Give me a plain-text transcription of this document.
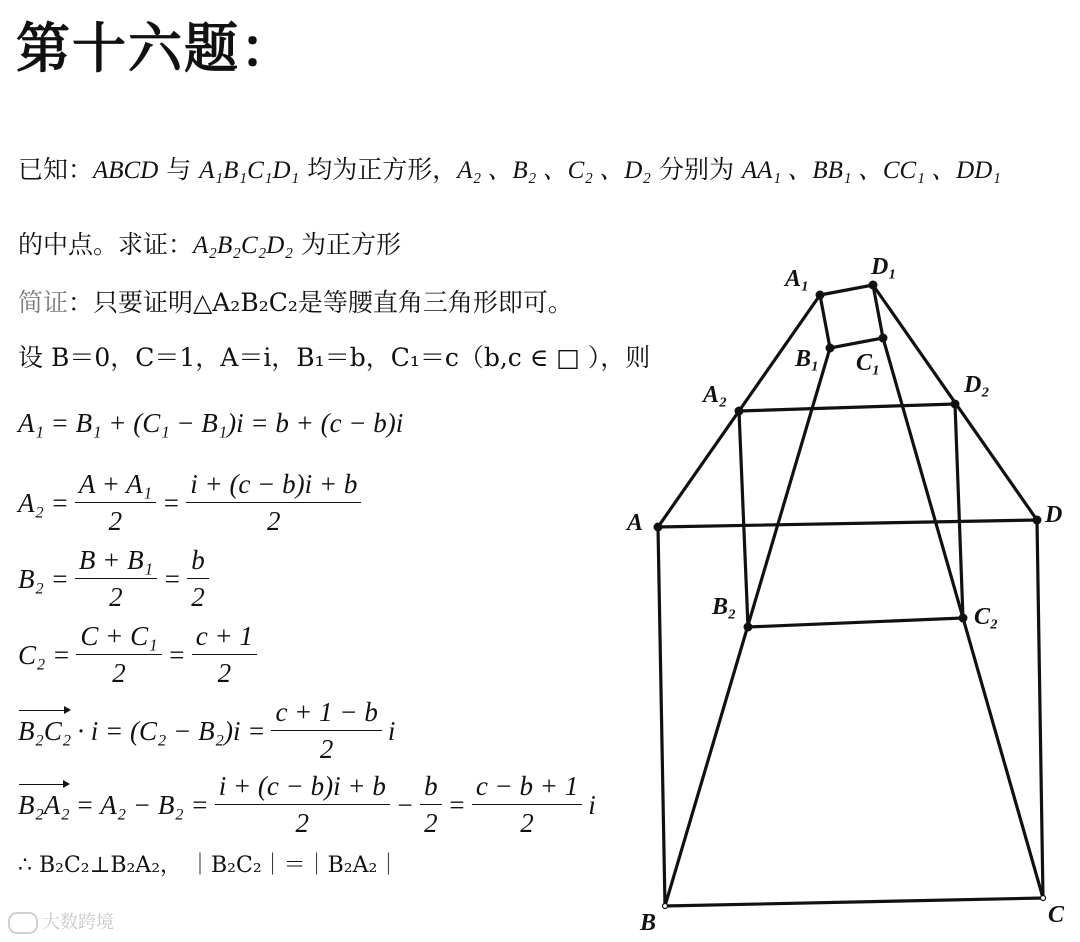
第十六题：
已知：ABCD 与 A₁B₁C₁D₁ 均为正方形，A₂ 、B₂ 、C₂ 、D₂ 分别为 AA₁ 、BB₁ 、CC₁ 、DD₁
的中点。求证：A₂B₂C₂D₂ 为正方形
简证：只要证明△A₂B₂C₂是等腰直角三角形即可。
设 B＝0，C＝1，A＝i，B₁＝b，C₁＝c（b,c ∈ □ ），则
A₁ = B₁ + (C₁ − B₁)i = b + (c − b)i
$A_2 = \frac{\text{A + A₁}}{2} = \frac{i + (c - b)i + b}{2}$
$B_2 = \frac{\text{B + B₁}}{2} = \frac{b}{2}$
$C_2 = \frac{\text{C + C₁}}{2} = \frac{c + 1}{2}$
$B_2C_2 \cdot i = (C_2 - B_2)i = \frac{c + 1 - b}{2}$ i
$B_2A_2 = A_2 - B_2 = \frac{i + (c - b)i + b}{2} - \frac{b}{2} = \frac{c - b + 1}{2}$ i
∴ B₂C₂⊥B₂A₂， ｜B₂C₂｜＝｜B₂A₂｜
大数跨境
A	D
B	C
A₁	D₁
B₁ C₁
A₂	D₂
B₂	C₂
